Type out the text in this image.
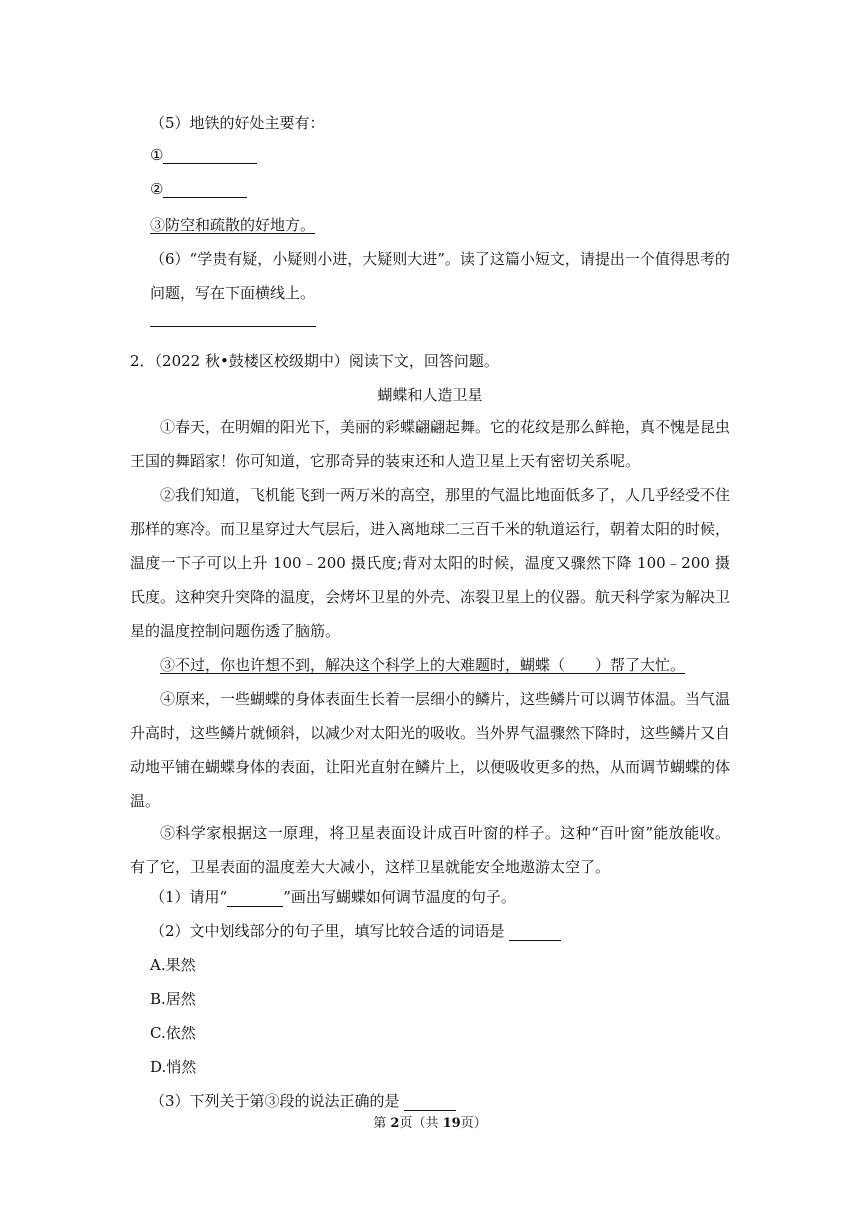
（5）地铁的好处主要有：
①
②
③防空和疏散的好地方。
（6）“学贵有疑，小疑则小进，大疑则大进”。读了这篇小短文，请提出一个值得思考的
问题，写在下面横线上。
2．（2022 秋•鼓楼区校级期中）阅读下文，回答问题。
蝴蝶和人造卫星
①春天，在明媚的阳光下，美丽的彩蝶翩翩起舞。它的花纹是那么鲜艳，真不愧是昆虫王国的舞蹈家！你可知道，它那奇异的装束还和人造卫星上天有密切关系呢。
②我们知道，飞机能飞到一两万米的高空，那里的气温比地面低多了，人几乎经受不住那样的寒冷。而卫星穿过大气层后，进入离地球二三百千米的轨道运行，朝着太阳的时候，温度一下子可以上升 100﹣200 摄氏度;背对太阳的时候，温度又骤然下降 100﹣200 摄氏度。这种突升突降的温度，会烤坏卫星的外壳、冻裂卫星上的仪器。航天科学家为解决卫星的温度控制问题伤透了脑筋。
③不过，你也许想不到，解决这个科学上的大难题时，蝴蝶（　　）帮了大忙。
④原来，一些蝴蝶的身体表面生长着一层细小的鳞片，这些鳞片可以调节体温。当气温升高时，这些鳞片就倾斜，以减少对太阳光的吸收。当外界气温骤然下降时，这些鳞片又自动地平铺在蝴蝶身体的表面，让阳光直射在鳞片上，以便吸收更多的热，从而调节蝴蝶的体温。
⑤科学家根据这一原理，将卫星表面设计成百叶窗的样子。这种“百叶窗”能放能收。有了它，卫星表面的温度差大大减小，这样卫星就能安全地遨游太空了。
（1）请用“	”画出写蝴蝶如何调节温度的句子。
（2）文中划线部分的句子里，填写比较合适的词语是
A.果然
B.居然
C.依然
D.悄然
（3）下列关于第③段的说法正确的是
第 2页（共 19页）
